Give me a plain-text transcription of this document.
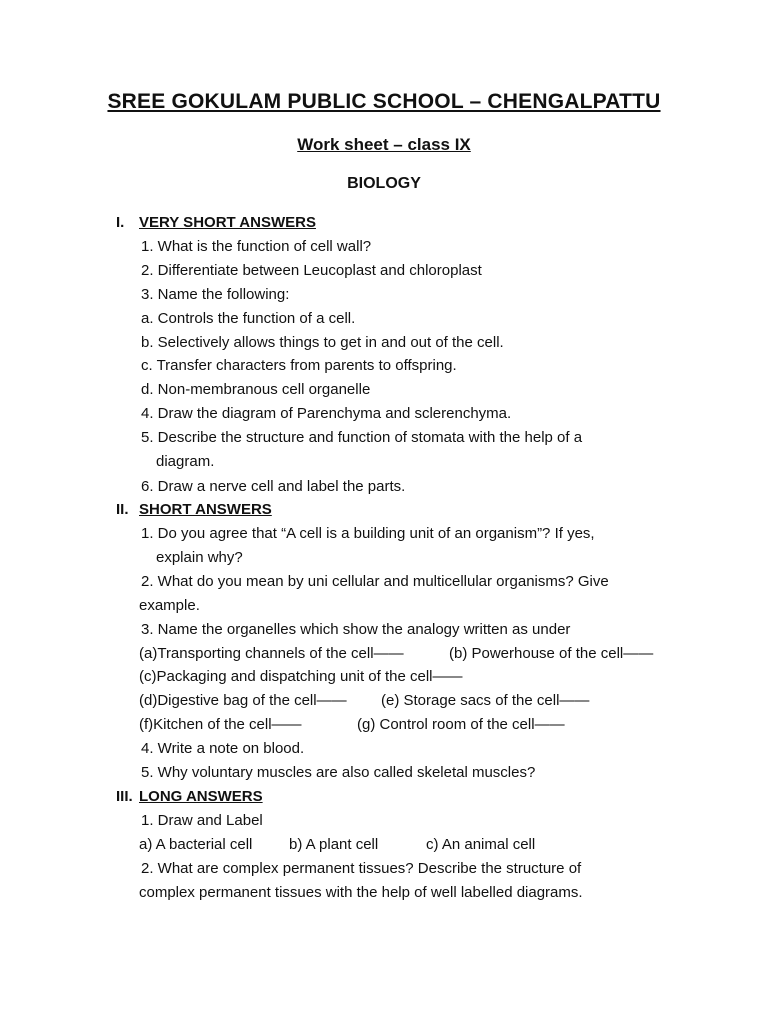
SREE GOKULAM PUBLIC SCHOOL – CHENGALPATTU
Work sheet – class IX
BIOLOGY
I. VERY SHORT ANSWERS
1. What is the function of cell wall?
2. Differentiate between Leucoplast and chloroplast
3. Name the following:
a. Controls the function of a cell.
b. Selectively allows things to get in and out of the cell.
c. Transfer characters from parents to offspring.
d. Non-membranous cell organelle
4. Draw the diagram of Parenchyma and sclerenchyma.
5. Describe the structure and function of stomata with the help of a
diagram.
6. Draw a nerve cell and label the parts.
II. SHORT ANSWERS
1. Do you agree that “A cell is a building unit of an organism”? If yes,
explain why?
2. What do you mean by uni cellular and multicellular organisms? Give
example.
3. Name the organelles which show the analogy written as under
(a)Transporting channels of the cell——	(b) Powerhouse of the cell——
(c)Packaging and dispatching unit of the cell——
(d)Digestive bag of the cell—— (e) Storage sacs of the cell——
(f)Kitchen of the cell——	(g) Control room of the cell——
4. Write a note on blood.
5. Why voluntary muscles are also called skeletal muscles?
III. LONG ANSWERS
1. Draw and Label
a) A bacterial cell b) A plant cell	c) An animal cell
2. What are complex permanent tissues? Describe the structure of
complex permanent tissues with the help of well labelled diagrams.
